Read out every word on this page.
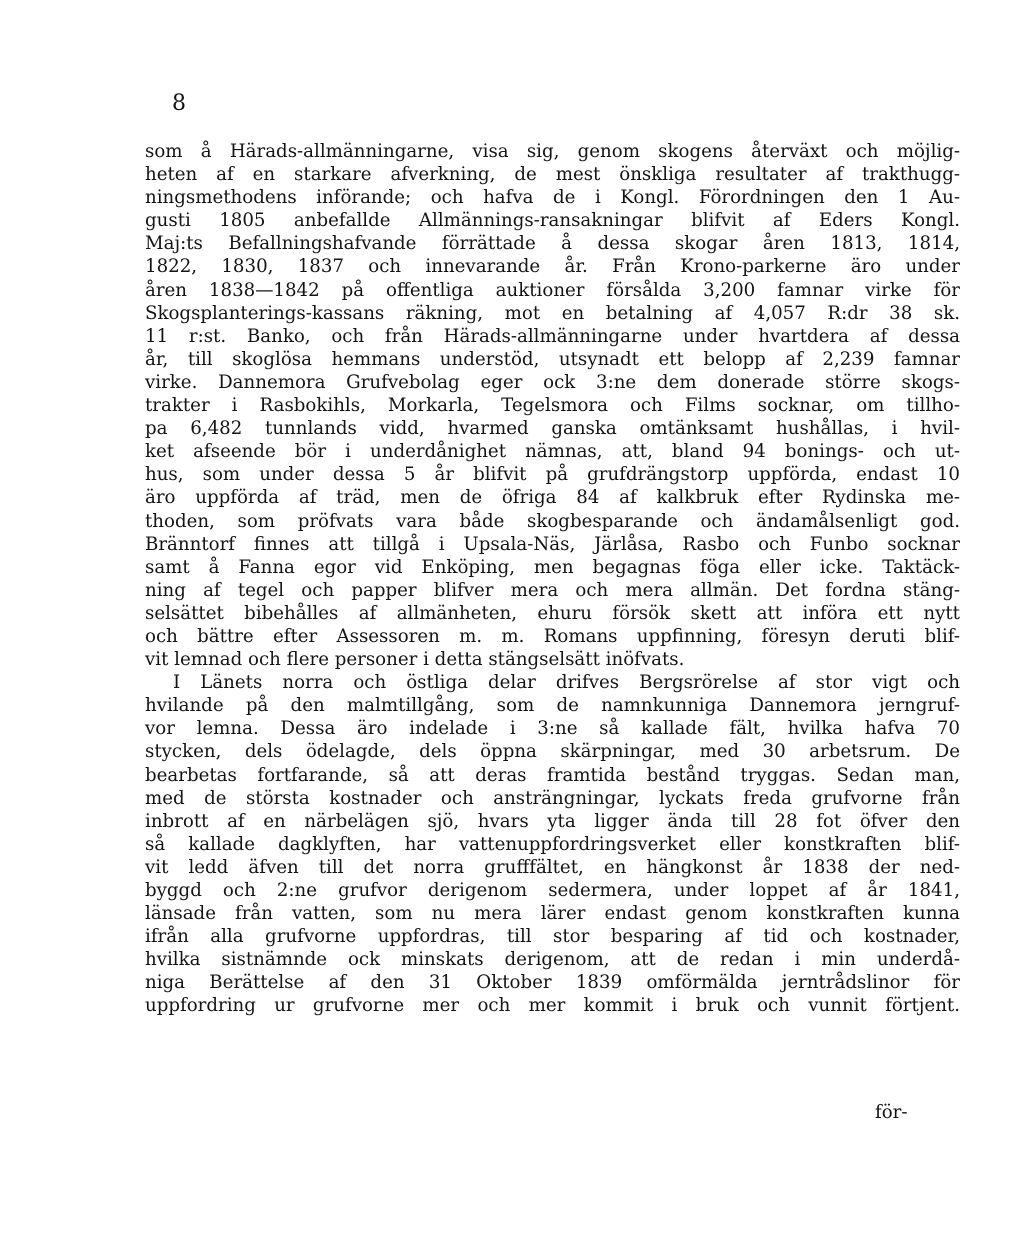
8

som å Härads-allmänningarne, visa sig, genom skogens återväxt och möjlig-
heten af en starkare afverkning, de mest önskliga resultater af trakthugg-
ningsmethodens införande; och hafva de i Kongl. Förordningen den 1 Au-
gusti 1805 anbefallde Allmännings-ransakningar blifvit af Eders Kongl.
Maj:ts Befallningshafvande förrättade å dessa skogar åren 1813, 1814,
1822, 1830, 1837 och innevarande år. Från Krono-parkerne äro under
åren 1838—1842 på offentliga auktioner försålda 3,200 famnar virke för
Skogsplanterings-kassans räkning, mot en betalning af 4,057 R:dr 38 sk.
11 r:st. Banko, och från Härads-allmänningarne under hvartdera af dessa
år, till skoglösa hemmans understöd, utsynadt ett belopp af 2,239 famnar
virke. Dannemora Grufvebolag eger ock 3:ne dem donerade större skogs-
trakter i Rasbokihls, Morkarla, Tegelsmora och Films socknar, om tillho-
pa 6,482 tunnlands vidd, hvarmed ganska omtänksamt hushållas, i hvil-
ket afseende bör i underdånighet nämnas, att, bland 94 bonings- och ut-
hus, som under dessa 5 år blifvit på grufdrängstorp uppförda, endast 10
äro uppförda af träd, men de öfriga 84 af kalkbruk efter Rydinska me-
thoden, som pröfvats vara både skogbesparande och ändamålsenligt god.
Bränntorf finnes att tillgå i Upsala-Näs, Järlåsa, Rasbo och Funbo socknar
samt å Fanna egor vid Enköping, men begagnas föga eller icke. Taktäck-
ning af tegel och papper blifver mera och mera allmän. Det fordna stäng-
selsättet bibehålles af allmänheten, ehuru försök skett att införa ett nytt
och bättre efter Assessoren m. m. Romans uppfinning, föresyn deruti blif-
vit lemnad och flere personer i detta stängselsätt inöfvats.
I Länets norra och östliga delar drifves Bergsrörelse af stor vigt och
hvilande på den malmtillgång, som de namnkunniga Dannemora jerngruf-
vor lemna. Dessa äro indelade i 3:ne så kallade fält, hvilka hafva 70
stycken, dels ödelagde, dels öppna skärpningar, med 30 arbetsrum. De
bearbetas fortfarande, så att deras framtida bestånd tryggas. Sedan man,
med de största kostnader och ansträngningar, lyckats freda grufvorne från
inbrott af en närbelägen sjö, hvars yta ligger ända till 28 fot öfver den
så kallade dagklyften, har vattenuppfordringsverket eller konstkraften blif-
vit ledd äfven till det norra grufffältet, en hängkonst år 1838 der ned-
byggd och 2:ne grufvor derigenom sedermera, under loppet af år 1841,
länsade från vatten, som nu mera lärer endast genom konstkraften kunna
ifrån alla grufvorne uppfordras, till stor besparing af tid och kostnader,
hvilka sistnämnde ock minskats derigenom, att de redan i min underdå-
niga Berättelse af den 31 Oktober 1839 omförmälda jerntrådslinor för
uppfordring ur grufvorne mer och mer kommit i bruk och vunnit förtjent.

för-
